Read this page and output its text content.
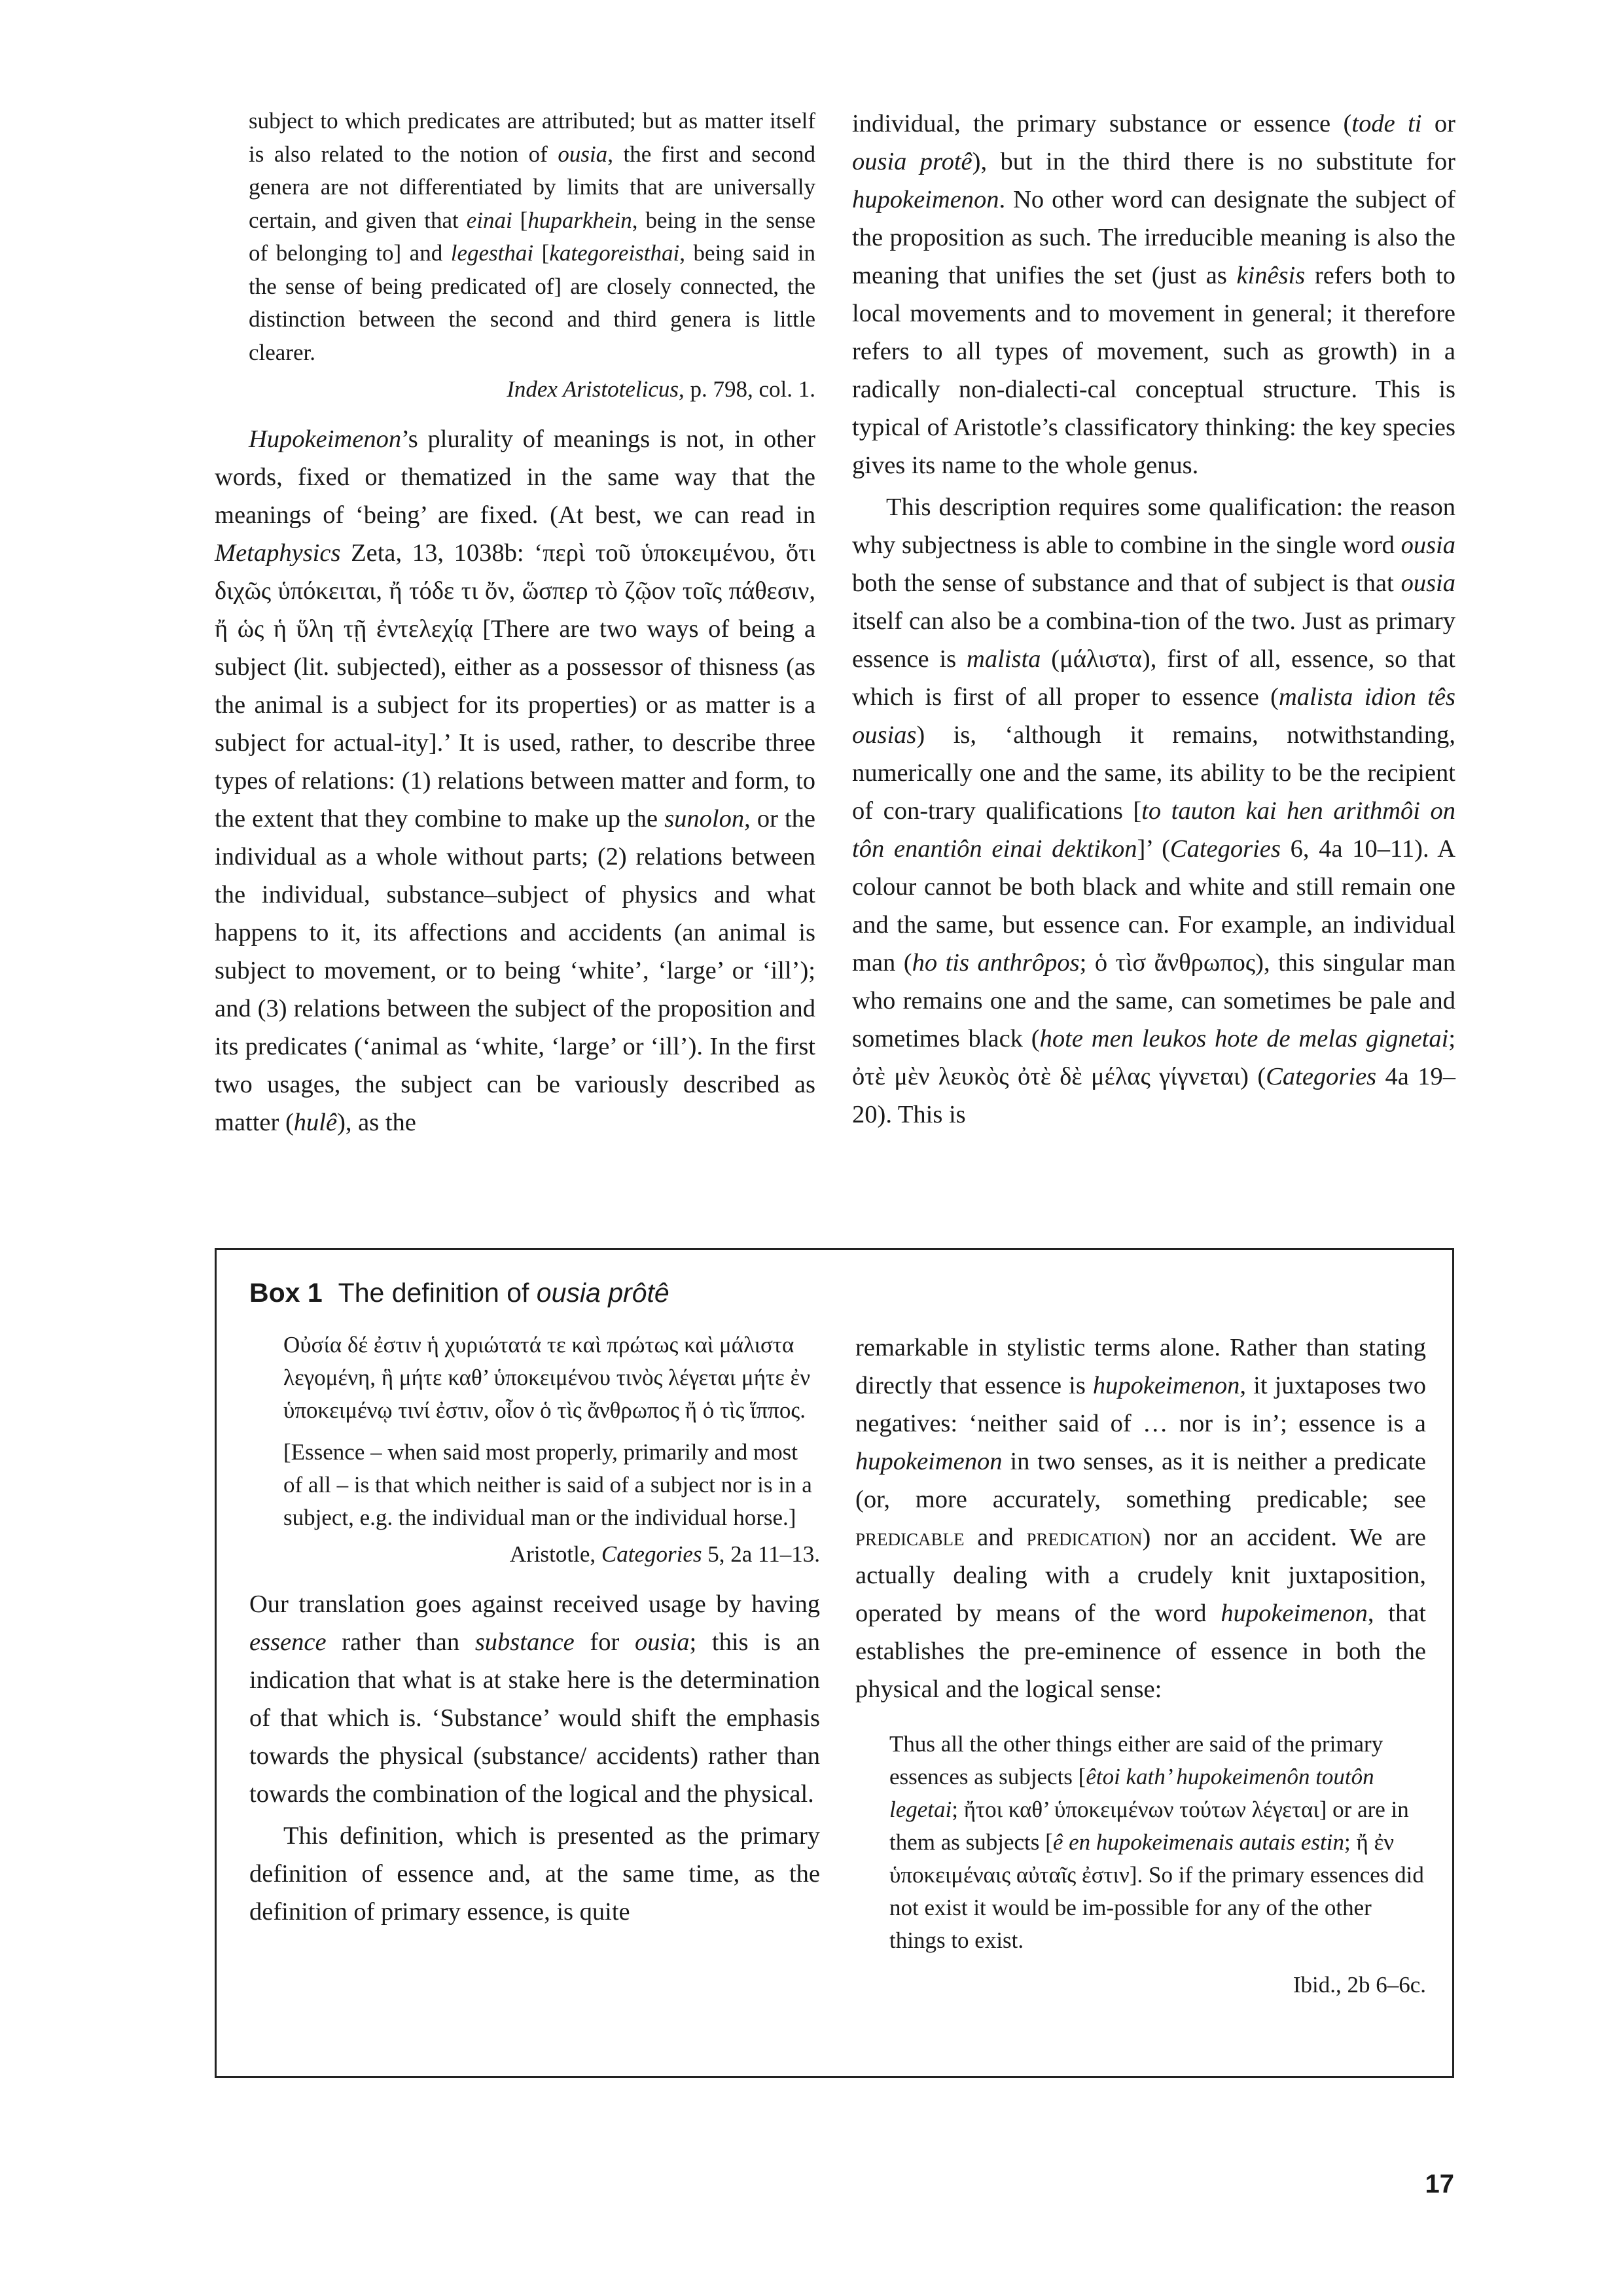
subject to which predicates are attributed; but as matter itself is also related to the notion of ousia, the first and second genera are not differentiated by limits that are universally certain, and given that einai [huparkhein, being in the sense of belonging to] and legesthai [kategoreisthai, being said in the sense of being predicated of] are closely connected, the distinction between the second and third genera is little clearer.

Index Aristotelicus, p. 798, col. 1.

Hupokeimenon’s plurality of meanings is not, in other words, fixed or thematized in the same way that the meanings of ‘being’ are fixed. (At best, we can read in Metaphysics Zeta, 13, 1038b: ‘περὶ τοῦ ὑποκειμένου, ὅτι διχῶς ὑπόκειται, ἤ τόδε τι ὄν, ὥσπερ τὸ ζῷον τοῖς πάθεσιν, ἤ ὡς ἡ ὕλη τῇ ἐντελεχίᾳ [There are two ways of being a subject (lit. subjected), either as a possessor of thisness (as the animal is a subject for its properties) or as matter is a subject for actual-ity].’ It is used, rather, to describe three types of relations: (1) relations between matter and form, to the extent that they combine to make up the sunolon, or the individual as a whole without parts; (2) relations between the individual, substance–subject of physics and what happens to it, its affections and accidents (an animal is subject to movement, or to being ‘white’, ‘large’ or ‘ill’); and (3) relations between the subject of the proposition and its predicates (‘animal as ‘white, ‘large’ or ‘ill’). In the first two usages, the subject can be variously described as matter (hulê), as the

individual, the primary substance or essence (tode ti or ousia protê), but in the third there is no substitute for hupokeimenon. No other word can designate the subject of the proposition as such. The irreducible meaning is also the meaning that unifies the set (just as kinêsis refers both to local movements and to movement in general; it therefore refers to all types of movement, such as growth) in a radically non-dialecti-cal conceptual structure. This is typical of Aristotle’s classificatory thinking: the key species gives its name to the whole genus.

This description requires some qualification: the reason why subjectness is able to combine in the single word ousia both the sense of substance and that of subject is that ousia itself can also be a combina-tion of the two. Just as primary essence is malista (μάλιστα), first of all, essence, so that which is first of all proper to essence (malista idion tês ousias) is, ‘although it remains, notwithstanding, numerically one and the same, its ability to be the recipient of con-trary qualifications [to tauton kai hen arithmôi on tôn enantiôn einai dektikon]’ (Categories 6, 4a 10–11). A colour cannot be both black and white and still remain one and the same, but essence can. For example, an individual man (ho tis anthrôpos; ὁ τὶσ ἄνθρωπος), this singular man who remains one and the same, can sometimes be pale and sometimes black (hote men leukos hote de melas gignetai; ὀτὲ μὲν λευκὸς ὀτὲ δὲ μέλας γίγνεται) (Categories 4a 19–20). This is

Box 1 The definition of ousia prôtê
Οὐσία δέ ἐστιν ἡ χυριώτατά τε καὶ πρώτως καὶ μάλιστα λεγομένη, ἣ μήτε καθ’ ὑποκειμένου τινὸς λέγεται μήτε ἐν ὑποκειμένῳ τινί ἐστιν, οἷον ὁ τὶς ἄνθρωπος ἤ ὁ τὶς ἵππος.
[Essence – when said most properly, primarily and most of all – is that which neither is said of a subject nor is in a subject, e.g. the individual man or the individual horse.]
Aristotle, Categories 5, 2a 11–13.

Our translation goes against received usage by having essence rather than substance for ousia; this is an indication that what is at stake here is the determination of that which is. ‘Substance’ would shift the emphasis towards the physical (substance/ accidents) rather than towards the combination of the logical and the physical.

This definition, which is presented as the primary definition of essence and, at the same time, as the definition of primary essence, is quite

remarkable in stylistic terms alone. Rather than stating directly that essence is hupokeimenon, it juxtaposes two negatives: ‘neither said of … nor is in’; essence is a hupokeimenon in two senses, as it is neither a predicate (or, more accurately, something predicable; see predicable and predication) nor an accident. We are actually dealing with a crudely knit juxtaposition, operated by means of the word hupokeimenon, that establishes the pre-eminence of essence in both the physical and the logical sense:

Thus all the other things either are said of the primary essences as subjects [êtoi kath’ hupokeimenôn toutôn legetai; ἤτοι καθ’ ὑποκειμένων τούτων λέγεται] or are in them as subjects [ê en hupokeimenais autais estin; ἤ ἐν ὑποκειμέναις αὐταῖς ἐστιν]. So if the primary essences did not exist it would be im-possible for any of the other things to exist.

Ibid., 2b 6–6c.
17
